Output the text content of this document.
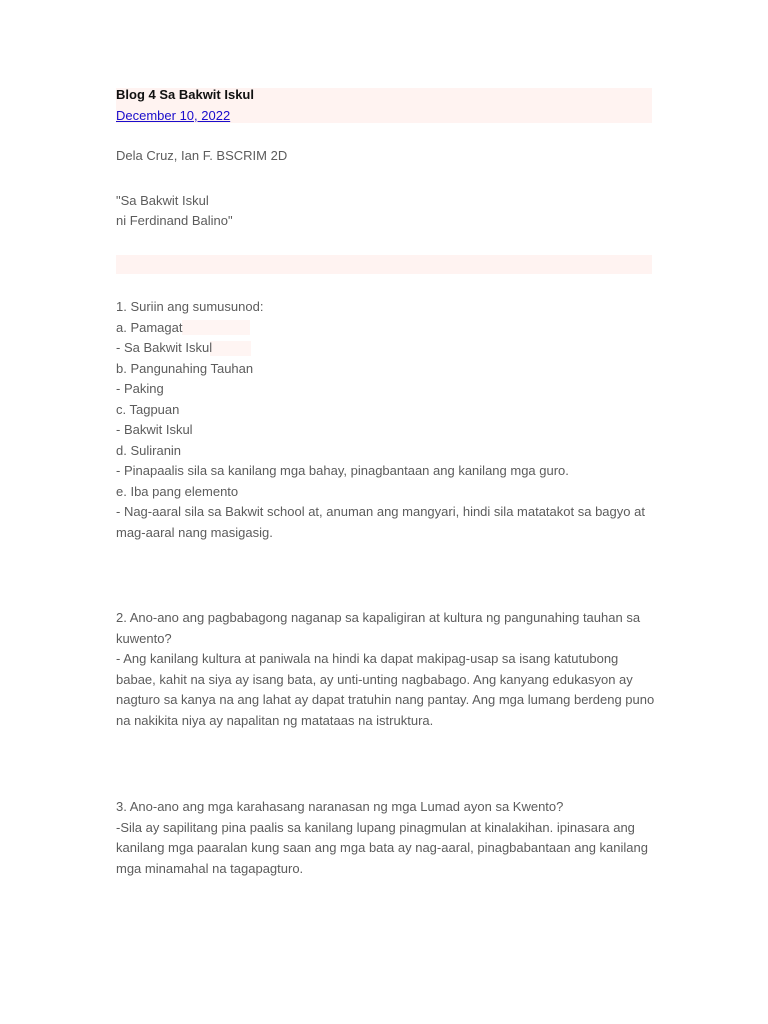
Blog 4 Sa Bakwit Iskul
December 10, 2022
Dela Cruz, Ian F. BSCRIM 2D
"Sa Bakwit Iskul
ni Ferdinand Balino"
1. Suriin ang sumusunod:
a. Pamagat
- Sa Bakwit Iskul
b. Pangunahing Tauhan
- Paking
c. Tagpuan
- Bakwit Iskul
d. Suliranin
- Pinapaalis sila sa kanilang mga bahay, pinagbantaan ang kanilang mga guro.
e. Iba pang elemento
- Nag-aaral sila sa Bakwit school at, anuman ang mangyari, hindi sila matatakot sa bagyo at
mag-aaral nang masigasig.
2. Ano-ano ang pagbabagong naganap sa kapaligiran at kultura ng pangunahing tauhan sa
kuwento?
- Ang kanilang kultura at paniwala na hindi ka dapat makipag-usap sa isang katutubong
babae, kahit na siya ay isang bata, ay unti-unting nagbabago. Ang kanyang edukasyon ay
nagturo sa kanya na ang lahat ay dapat tratuhin nang pantay. Ang mga lumang berdeng puno
na nakikita niya ay napalitan ng matataas na istruktura.
3. Ano-ano ang mga karahasang naranasan ng mga Lumad ayon sa Kwento?
-Sila ay sapilitang pina paalis sa kanilang lupang pinagmulan at kinalakihan. ipinasara ang
kanilang mga paaralan kung saan ang mga bata ay nag-aaral, pinagbabantaan ang kanilang
mga minamahal na tagapagturo.
